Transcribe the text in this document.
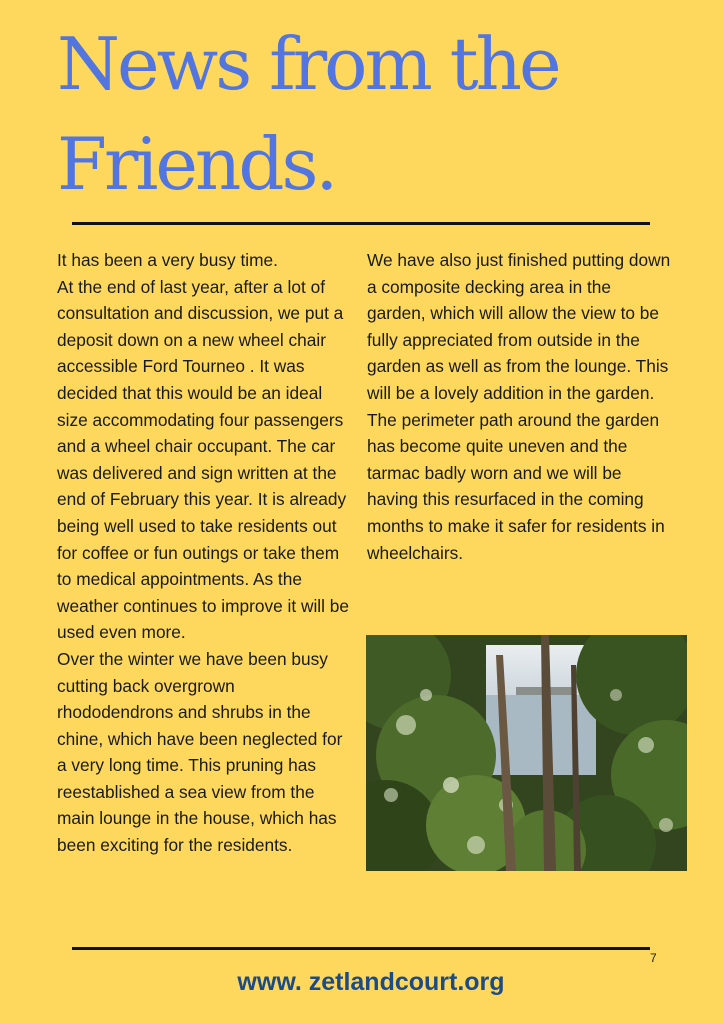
News from the Friends.

It has been a very busy time.

At the end of last year, after a lot of consultation and discussion, we put a deposit down on a new wheel chair accessible Ford Tourneo . It was decided that this would be an ideal size accommodating four passengers and a wheel chair occupant. The car was delivered and sign written at the end of February this year. It is already being well used to take residents out for coffee or fun outings or take them to medical appointments. As the weather continues to improve it will be used even more.

Over the winter we have been busy cutting back overgrown rhododendrons and shrubs in the chine, which have been neglected for a very long time. This pruning has reestablished a sea view from the main lounge in the house, which has been exciting for the residents.

We have also just finished putting down a composite decking area in the garden, which will allow the view to be fully appreciated from outside in the garden as well as from the lounge. This will be a lovely addition in the garden.

The perimeter path around the garden has become quite uneven and the tarmac badly worn and we will be having this resurfaced in the coming months to make it safer for residents in wheelchairs.

7
www. zetlandcourt.org
